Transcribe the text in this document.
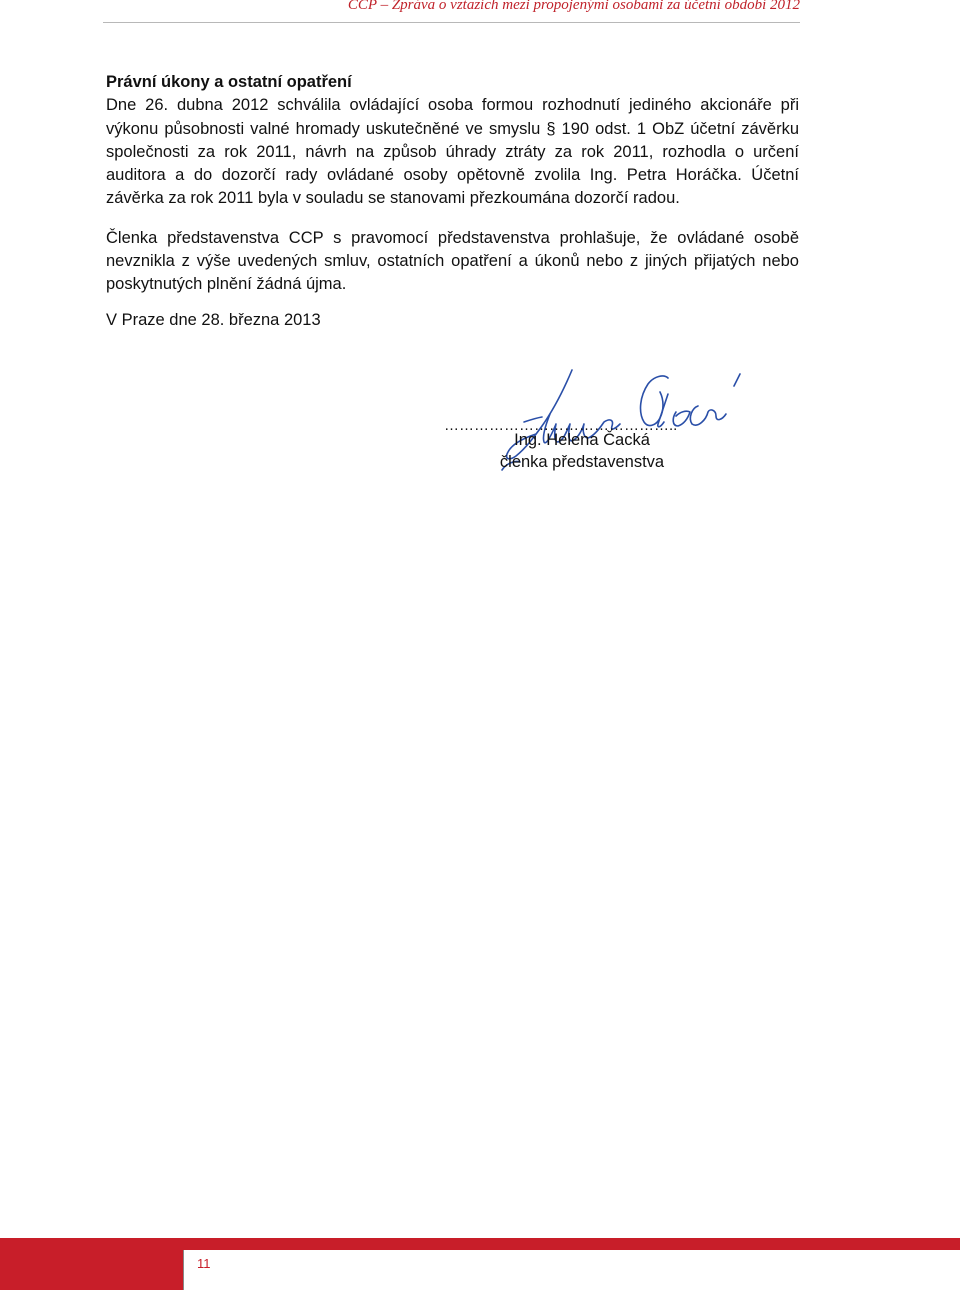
CCP – Zpráva o vztazích mezi propojenými osobami za účetní období 2012

Právní úkony a ostatní opatření

Dne 26. dubna 2012 schválila ovládající osoba formou rozhodnutí jediného akcionáře při výkonu působnosti valné hromady uskutečněné ve smyslu § 190 odst. 1 ObZ účetní závěrku společnosti za rok 2011, návrh na způsob úhrady ztráty za rok 2011, rozhodla o určení auditora a do dozorčí rady ovládané osoby opětovně zvolila Ing. Petra Horáčka. Účetní závěrka za rok 2011 byla v souladu se stanovami přezkoumána dozorčí radou.

Členka představenstva CCP s pravomocí představenstva prohlašuje, že ovládané osobě nevznikla z výše uvedených smluv, ostatních opatření a úkonů nebo z jiných přijatých nebo poskytnutých plnění žádná újma.

V Praze dne 28. března 2013

………………………………………..
Ing. Helena Čacká
členka představenstva
11
